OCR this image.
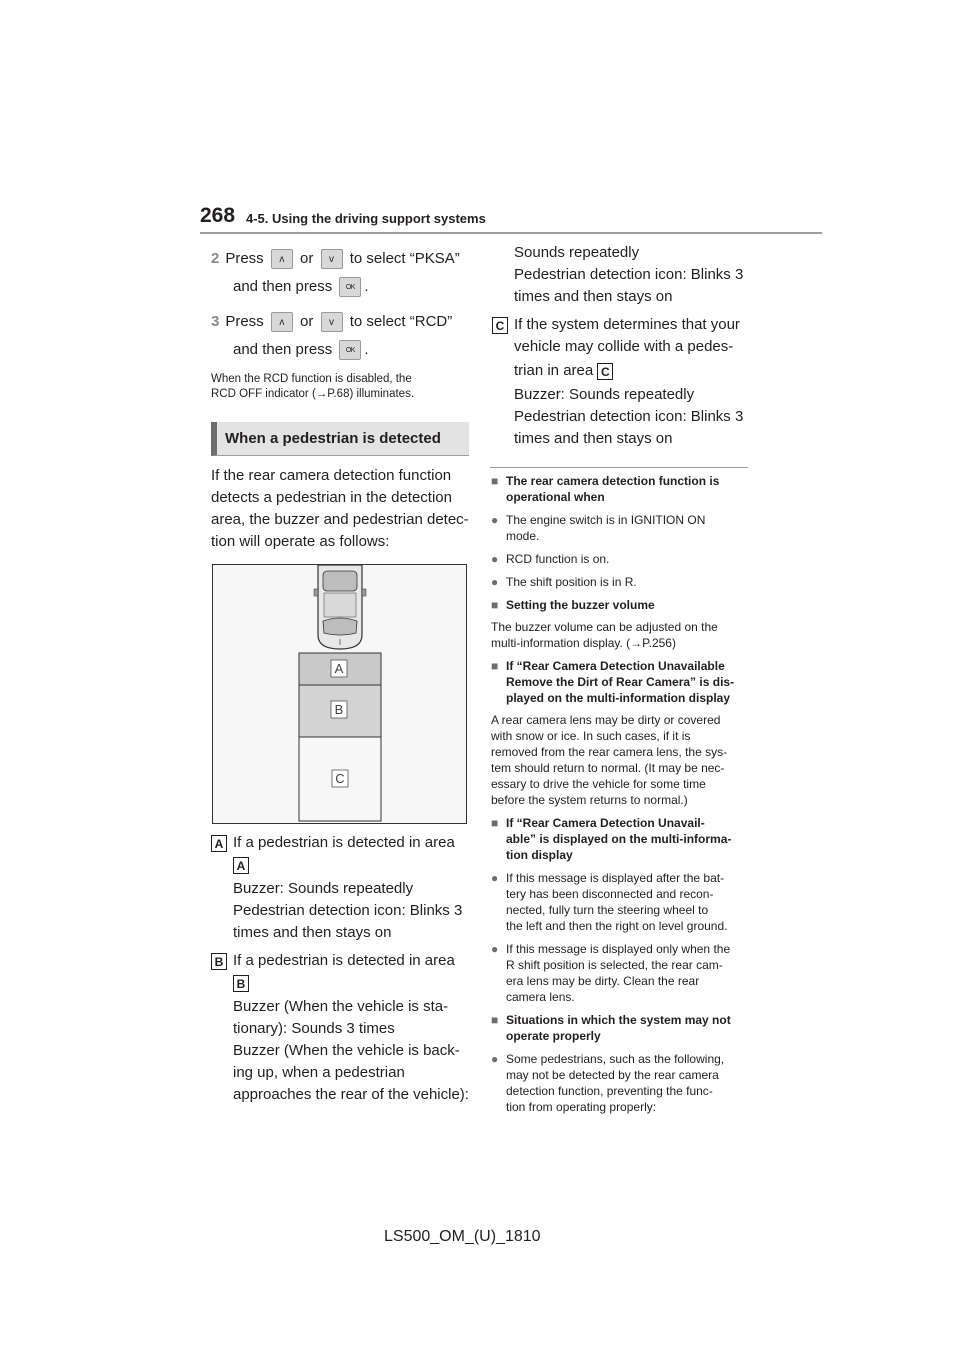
268 4-5. Using the driving support systems
2 Press ʌ or v to select “PKSA”
and then press OK .
3 Press ʌ or v to select “RCD”
and then press OK .
When the RCD function is disabled, the
RCD OFF indicator (→P.68) illuminates.
When a pedestrian is detected
If the rear camera detection function
detects a pedestrian in the detection
area, the buzzer and pedestrian detec-
tion will operate as follows:
A
B
C
A If a pedestrian is detected in area
A
Buzzer: Sounds repeatedly
Pedestrian detection icon: Blinks 3
times and then stays on
B If a pedestrian is detected in area
B
Buzzer (When the vehicle is sta-
tionary): Sounds 3 times
Buzzer (When the vehicle is back-
ing up, when a pedestrian
approaches the rear of the vehicle):
Sounds repeatedly
Pedestrian detection icon: Blinks 3
times and then stays on
C If the system determines that your
vehicle may collide with a pedes-
trian in area C
Buzzer: Sounds repeatedly
Pedestrian detection icon: Blinks 3
times and then stays on
■ The rear camera detection function is
operational when
● The engine switch is in IGNITION ON
mode.
● RCD function is on.
● The shift position is in R.
■ Setting the buzzer volume
The buzzer volume can be adjusted on the
multi-information display. (→P.256)
■ If “Rear Camera Detection Unavailable
Remove the Dirt of Rear Camera” is dis-
played on the multi-information display
A rear camera lens may be dirty or covered
with snow or ice. In such cases, if it is
removed from the rear camera lens, the sys-
tem should return to normal. (It may be nec-
essary to drive the vehicle for some time
before the system returns to normal.)
■ If “Rear Camera Detection Unavail-
able” is displayed on the multi-informa-
tion display
● If this message is displayed after the bat-
tery has been disconnected and recon-
nected, fully turn the steering wheel to
the left and then the right on level ground.
● If this message is displayed only when the
R shift position is selected, the rear cam-
era lens may be dirty. Clean the rear
camera lens.
■ Situations in which the system may not
operate properly
● Some pedestrians, such as the following,
may not be detected by the rear camera
detection function, preventing the func-
tion from operating properly:
LS500_OM_(U)_1810
